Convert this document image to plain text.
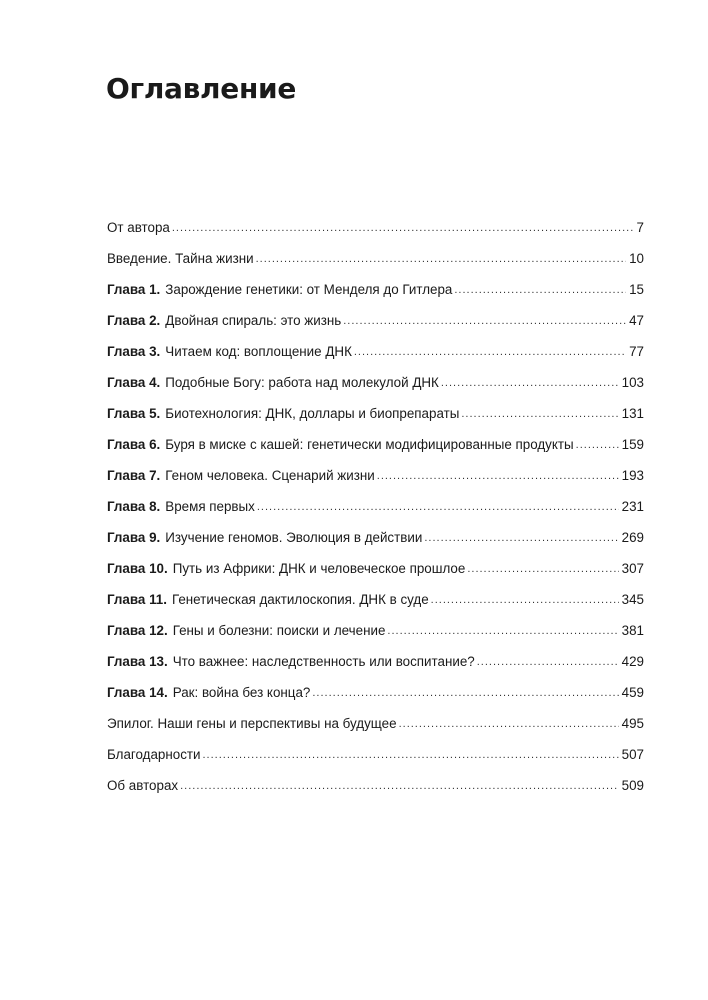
Оглавление
От автора .....	7
Введение. Тайна жизни .....	10
Глава 1. Зарождение генетики: от Менделя до Гитлера .....	15
Глава 2. Двойная спираль: это жизнь .....	47
Глава 3. Читаем код: воплощение ДНК .....	77
Глава 4. Подобные Богу: работа над молекулой ДНК .....	103
Глава 5. Биотехнология: ДНК, доллары и биопрепараты .....	131
Глава 6. Буря в миске с кашей: генетически модифицированные продукты .....	159
Глава 7. Геном человека. Сценарий жизни .....	193
Глава 8. Время первых .....	231
Глава 9. Изучение геномов. Эволюция в действии .....	269
Глава 10. Путь из Африки: ДНК и человеческое прошлое .....	307
Глава 11. Генетическая дактилоскопия. ДНК в суде .....	345
Глава 12. Гены и болезни: поиски и лечение .....	381
Глава 13. Что важнее: наследственность или воспитание? .....	429
Глава 14. Рак: война без конца? .....	459
Эпилог. Наши гены и перспективы на будущее .....	495
Благодарности .....	507
Об авторах .....	509
